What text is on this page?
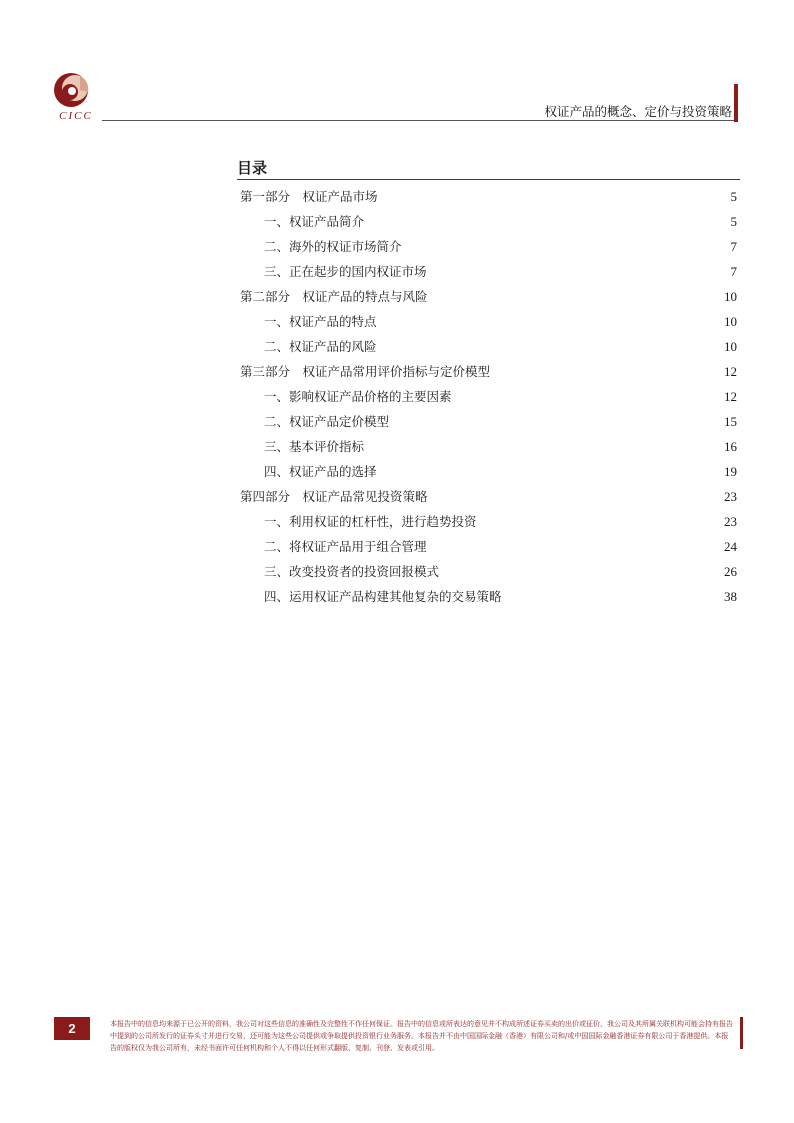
CICC	权证产品的概念、定价与投资策略
目录
第一部分　权证产品市场	5
一、权证产品简介	5
二、海外的权证市场简介	7
三、正在起步的国内权证市场	7
第二部分　权证产品的特点与风险	10
一、权证产品的特点	10
二、权证产品的风险	10
第三部分　权证产品常用评价指标与定价模型	12
一、影响权证产品价格的主要因素	12
二、权证产品定价模型	15
三、基本评价指标	16
四、权证产品的选择	19
第四部分　权证产品常见投资策略	23
一、利用权证的杠杆性，进行趋势投资	23
二、将权证产品用于组合管理	24
三、改变投资者的投资回报模式	26
四、运用权证产品构建其他复杂的交易策略	38
2	本报告中的信息均来源于已公开的资料，我公司对这些信息的准确性及完整性不作任何保证。报告中的信息或所表达的意见并不构成所述证券买卖的出价或征价，我公司及其所属关联机构可能会持有报告中提到的公司所发行的证券头寸并进行交易，还可能为这些公司提供或争取提供投资银行业务服务。本报告并不由中国国际金融（香港）有限公司和/或中国国际金融香港证券有限公司于香港提供。本报告的版权仅为我公司所有，未经书面许可任何机构和个人不得以任何形式翻版、复制、刊登、发表或引用。
